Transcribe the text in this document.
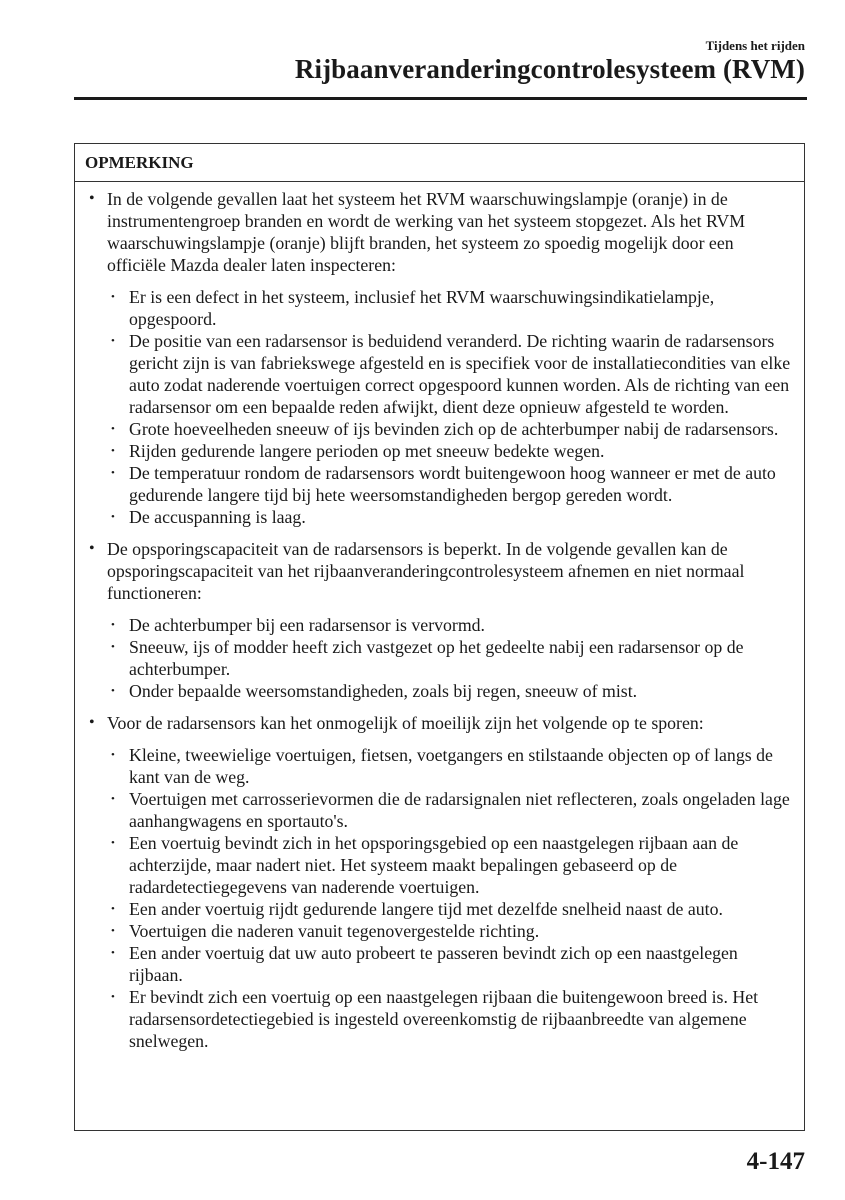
Tijdens het rijden
Rijbaanveranderingcontrolesysteem (RVM)
OPMERKING
• In de volgende gevallen laat het systeem het RVM waarschuwingslampje (oranje) in de instrumentengroep branden en wordt de werking van het systeem stopgezet. Als het RVM waarschuwingslampje (oranje) blijft branden, het systeem zo spoedig mogelijk door een officiële Mazda dealer laten inspecteren:
• Er is een defect in het systeem, inclusief het RVM waarschuwingsindikatielampje, opgespoord.
• De positie van een radarsensor is beduidend veranderd. De richting waarin de radarsensors gericht zijn is van fabriekswege afgesteld en is specifiek voor de installatiecondities van elke auto zodat naderende voertuigen correct opgespoord kunnen worden. Als de richting van een radarsensor om een bepaalde reden afwijkt, dient deze opnieuw afgesteld te worden.
• Grote hoeveelheden sneeuw of ijs bevinden zich op de achterbumper nabij de radarsensors.
• Rijden gedurende langere perioden op met sneeuw bedekte wegen.
• De temperatuur rondom de radarsensors wordt buitengewoon hoog wanneer er met de auto gedurende langere tijd bij hete weersomstandigheden bergop gereden wordt.
• De accuspanning is laag.
• De opsporingscapaciteit van de radarsensors is beperkt. In de volgende gevallen kan de opsporingscapaciteit van het rijbaanveranderingcontrolesysteem afnemen en niet normaal functioneren:
• De achterbumper bij een radarsensor is vervormd.
• Sneeuw, ijs of modder heeft zich vastgezet op het gedeelte nabij een radarsensor op de achterbumper.
• Onder bepaalde weersomstandigheden, zoals bij regen, sneeuw of mist.
• Voor de radarsensors kan het onmogelijk of moeilijk zijn het volgende op te sporen:
• Kleine, tweewielige voertuigen, fietsen, voetgangers en stilstaande objecten op of langs de kant van de weg.
• Voertuigen met carrosserievormen die de radarsignalen niet reflecteren, zoals ongeladen lage aanhangwagens en sportauto's.
• Een voertuig bevindt zich in het opsporingsgebied op een naastgelegen rijbaan aan de achterzijde, maar nadert niet. Het systeem maakt bepalingen gebaseerd op de radardetectiegegevens van naderende voertuigen.
• Een ander voertuig rijdt gedurende langere tijd met dezelfde snelheid naast de auto.
• Voertuigen die naderen vanuit tegenovergestelde richting.
• Een ander voertuig dat uw auto probeert te passeren bevindt zich op een naastgelegen rijbaan.
• Er bevindt zich een voertuig op een naastgelegen rijbaan die buitengewoon breed is. Het radarsensordetectiegebied is ingesteld overeenkomstig de rijbaanbreedte van algemene snelwegen.
4-147
